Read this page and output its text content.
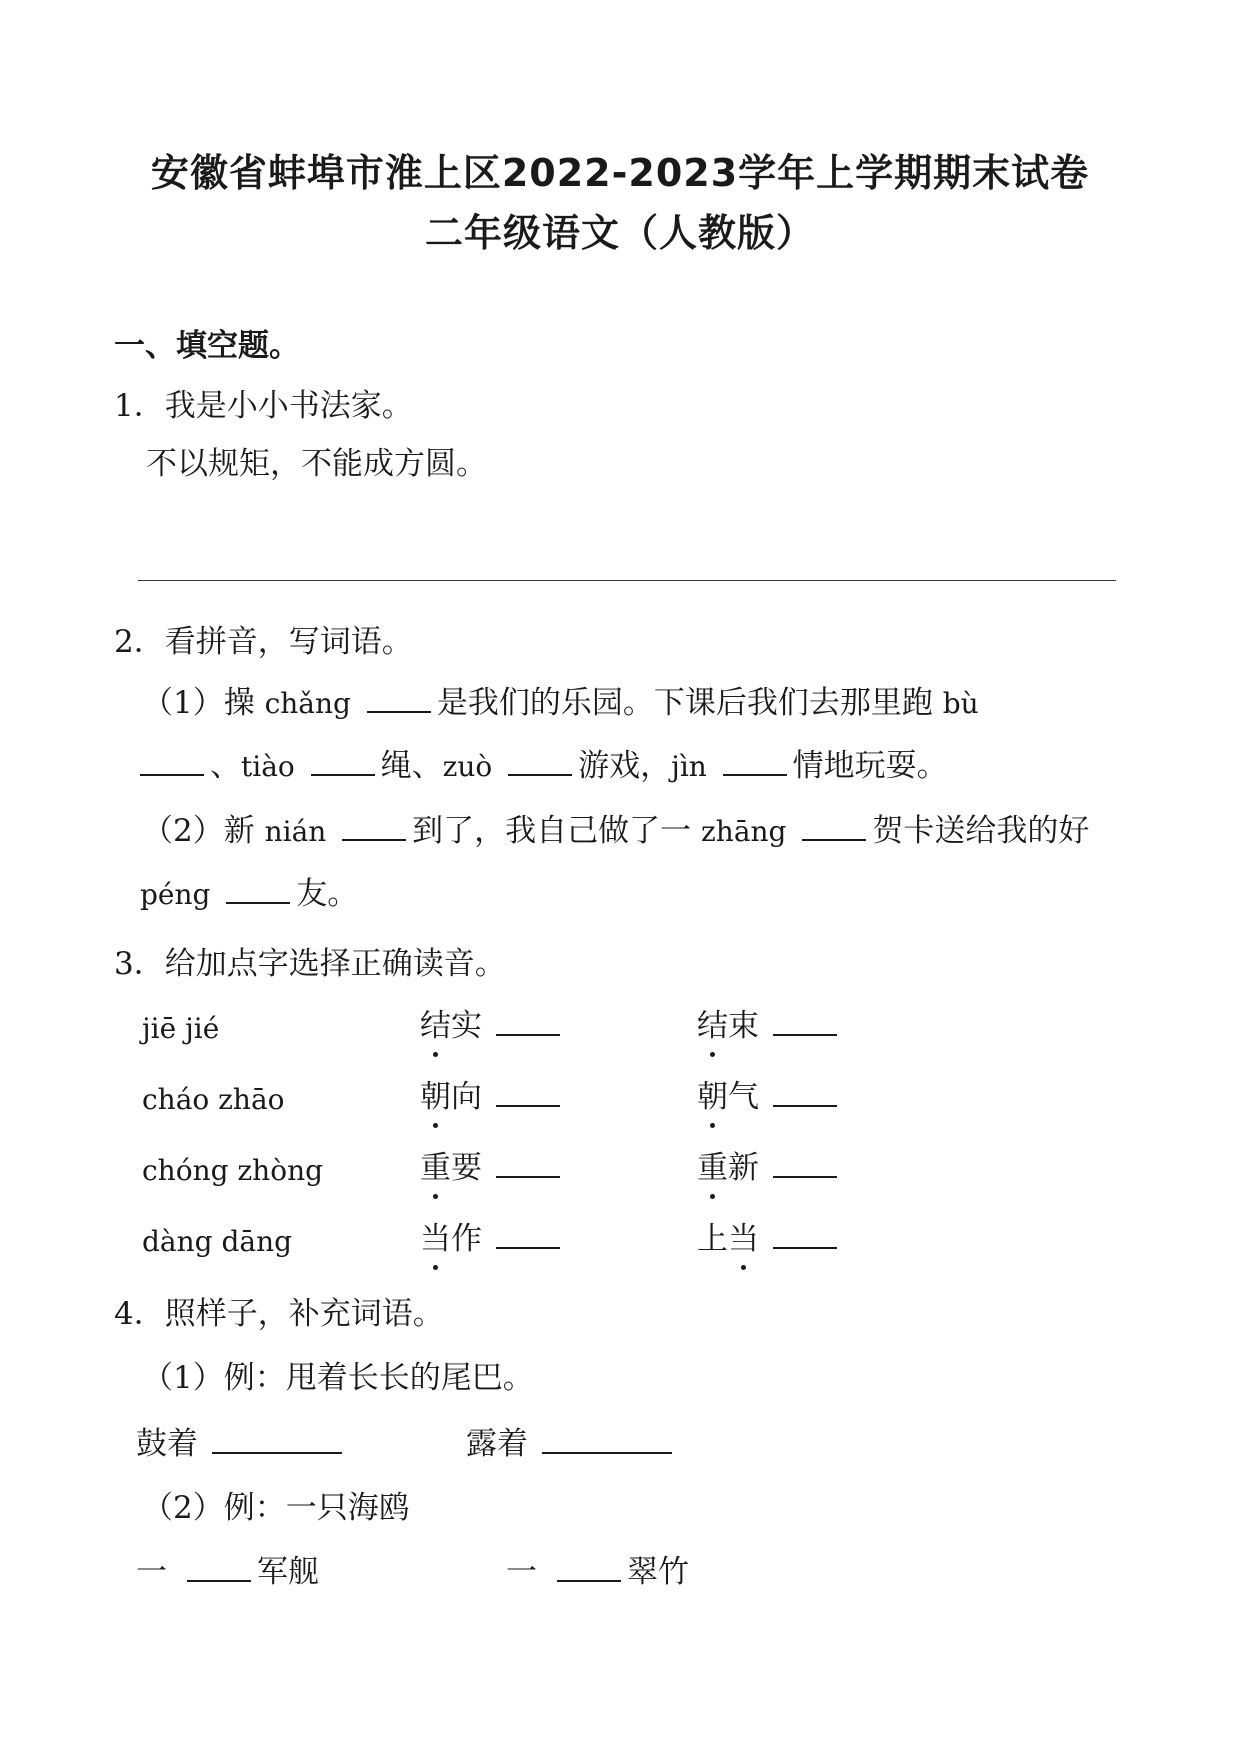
安徽省蚌埠市淮上区2022-2023学年上学期期末试卷
二年级语文（人教版）
一、填空题。
1．我是小小书法家。
不以规矩，不能成方圆。
2．看拼音，写词语。
（1）操 chǎng	是我们的乐园。下课后我们去那里跑 bù
、tiào	绳、zuò	游戏，jìn	情地玩耍。
（2）新 nián	到了，我自己做了一 zhāng	贺卡送给我的好
péng	友。
3．给加点字选择正确读音。
jiē jié	结实	结束
cháo zhāo	朝向	朝气
chóng zhòng	重要	重新
dàng dāng	当作	上当
4．照样子，补充词语。
（1）例：甩着长长的尾巴。
鼓着	露着
（2）例：一只海鸥
一	军舰	一	翠竹
